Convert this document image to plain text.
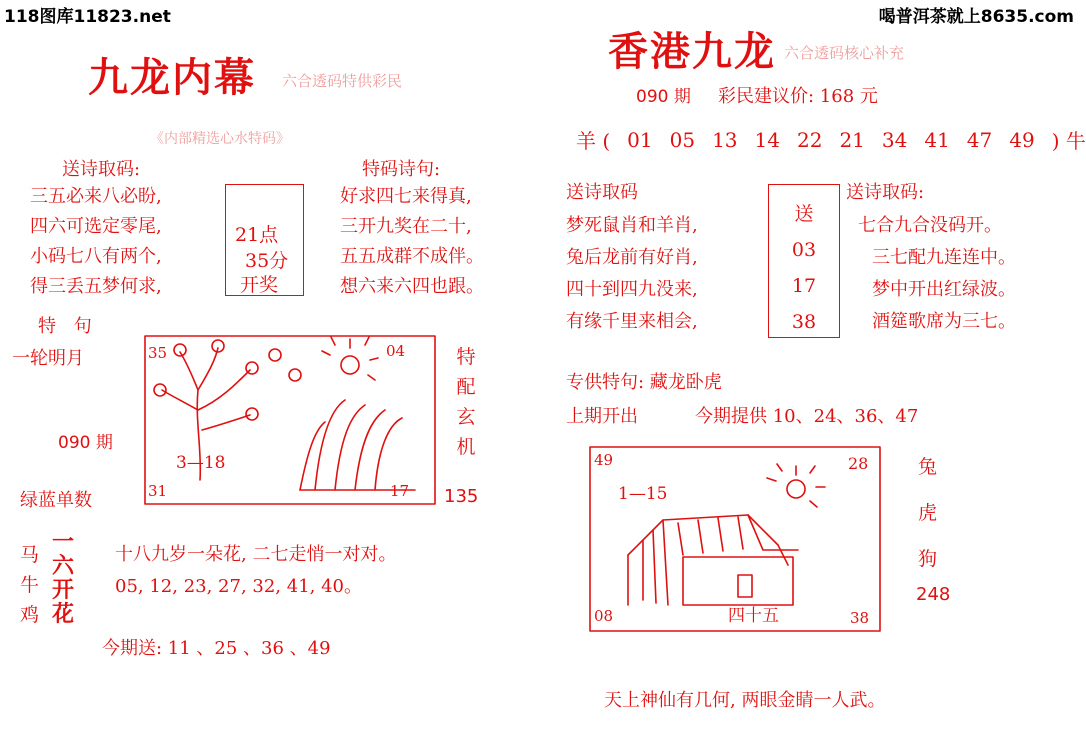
118图库11823.net	喝普洱茶就上8635.com
九龙内幕 六合透码特供彩民
《内部精选心水特码》
送诗取码:
三五必来八必盼,
四六可选定零尾,
小码七八有两个,
得三丢五梦何求,
21点
35分
开奖
特码诗句:
好求四七来得真,
三开九奖在二十,
五五成群不成伴。
想六来六四也跟。
特 句
一轮明月
090 期
绿蓝单数
35	04
31	17
3—18
特
配
玄
机
135
马
牛
鸡
一
六
开
花
十八九岁一朵花, 二七走悄一对对。
05, 12, 23, 27, 32, 41, 40。
今期送: 11 、25 、36 、49
香港九龙 六合透码核心补充
090 期 彩民建议价: 168 元
羊 ( 01 05 13 14 22 21 34 41 47 49 ) 牛
送诗取码
梦死鼠肖和羊肖,
兔后龙前有好肖,
四十到四九没来,
有缘千里来相会,
送
03
17
38
送诗取码:
七合九合没码开。
三七配九连连中。
梦中开出红绿波。
酒筵歌席为三七。
专供特句: 藏龙卧虎
上期开出	今期提供 10、24、36、47
49	28
08	38
1—15
四十五
兔
虎
狗
248
天上神仙有几何, 两眼金睛一人武。
